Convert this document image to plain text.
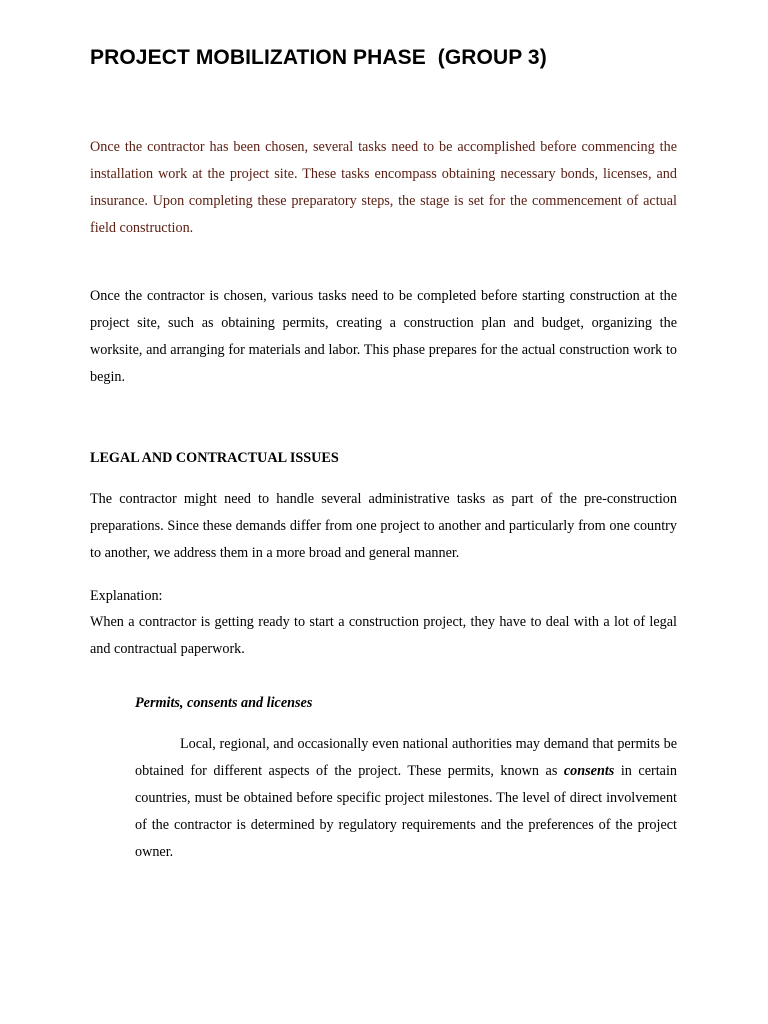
PROJECT MOBILIZATION PHASE  (GROUP 3)

Once the contractor has been chosen, several tasks need to be accomplished before commencing the installation work at the project site. These tasks encompass obtaining necessary bonds, licenses, and insurance. Upon completing these preparatory steps, the stage is set for the commencement of actual field construction.

Once the contractor is chosen, various tasks need to be completed before starting construction at the project site, such as obtaining permits, creating a construction plan and budget, organizing the worksite, and arranging for materials and labor. This phase prepares for the actual construction work to begin.

LEGAL AND CONTRACTUAL ISSUES

The contractor might need to handle several administrative tasks as part of the pre-construction preparations. Since these demands differ from one project to another and particularly from one country to another, we address them in a more broad and general manner.

Explanation:

When a contractor is getting ready to start a construction project, they have to deal with a lot of legal and contractual paperwork.

Permits, consents and licenses

Local, regional, and occasionally even national authorities may demand that permits be obtained for different aspects of the project. These permits, known as consents in certain countries, must be obtained before specific project milestones. The level of direct involvement of the contractor is determined by regulatory requirements and the preferences of the project owner.
